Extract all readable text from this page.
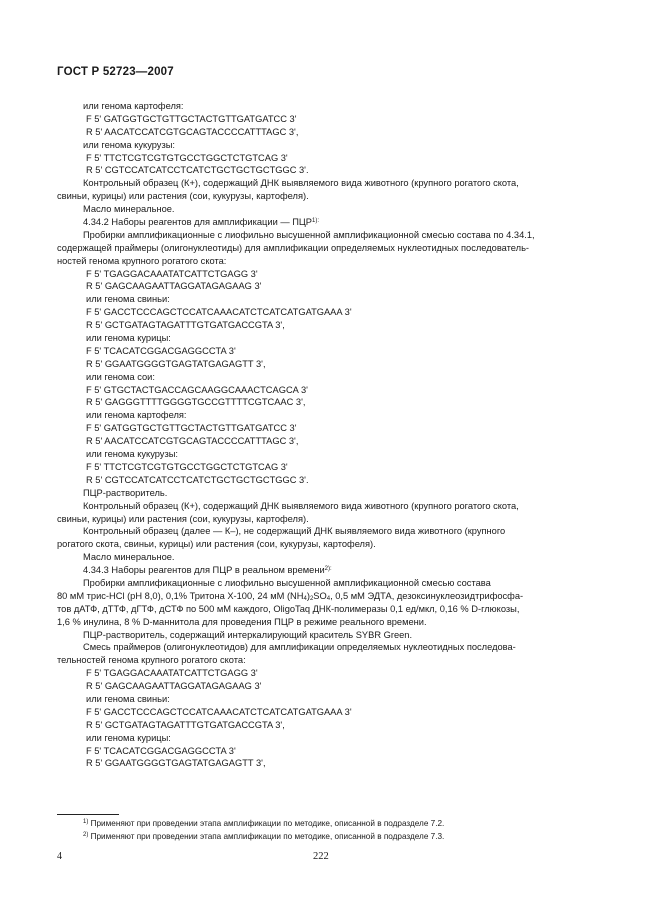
ГОСТ Р 52723—2007
или генома картофеля:
F 5ʹ GATGGTGCTGTTGCTACTGTTGATGATCC 3ʹ
R 5ʹ AACATCCATCGTGCAGTACCCCATTTAGC 3ʹ,
или генома кукурузы:
F 5ʹ TTCTCGTCGTGTGCCTGGCTCTGTCAG 3ʹ
R 5ʹ CGTCCATCATCCTCATCTGCTGCTGCTGGC 3ʹ.
Контрольный образец (К+), содержащий ДНК выявляемого вида животного (крупного рогатого скота,
свиньи, курицы) или растения (сои, кукурузы, картофеля).
Масло минеральное.
4.34.2 Наборы реагентов для амплификации — $ПЦР^{1):}$
Пробирки амплификационные с лиофильно высушенной амплификационной смесью состава по 4.34.1,
содержащей праймеры (олигонуклеотиды) для амплификации определяемых нуклеотидных последователь-
ностей генома крупного рогатого скота:
F 5ʹ TGAGGACAAATATCATTCTGAGG 3ʹ
R 5ʹ GAGCAAGAATTAGGATAGAGAAG 3ʹ
или генома свиньи:
F 5ʹ GACCTCCCAGCTCCATCAAACATCTCATCATGATGAAA 3ʹ
R 5ʹ GCTGATAGTAGATTTGTGATGACCGTA 3ʹ,
или генома курицы:
F 5ʹ TCACATCGGACGAGGCCTA 3ʹ
R 5ʹ GGAATGGGGTGAGTATGAGAGTT 3ʹ,
или генома сои:
F 5ʹ GTGCTACTGACCAGCAAGGCAAACTCAGCA 3ʹ
R 5ʹ GAGGGTTTTGGGGTGCCGTTTTCGTCAAC 3ʹ,
или генома картофеля:
F 5ʹ GATGGTGCTGTTGCTACTGTTGATGATCC 3ʹ
R 5ʹ AACATCCATCGTGCAGTACCCCATTTAGC 3ʹ,
или генома кукурузы:
F 5ʹ TTCTCGTCGTGTGCCTGGCTCTGTCAG 3ʹ
R 5ʹ CGTCCATCATCCTCATCTGCTGCTGCTGGC 3ʹ.
ПЦР-растворитель.
Контрольный образец (К+), содержащий ДНК выявляемого вида животного (крупного рогатого скота,
свиньи, курицы) или растения (сои, кукурузы, картофеля).
Контрольный образец (далее — К–), не содержащий ДНК выявляемого вида животного (крупного
рогатого скота, свиньи, курицы) или растения (сои, кукурузы, картофеля).
Масло минеральное.
4.34.3 Наборы реагентов для ПЦР в реальном времени$^{2):}$
Пробирки амплификационные с лиофильно высушенной амплификационной смесью состава
80 мМ трис-HCl (рН 8,0), 0,1% Тритона Х-100, 24 мМ $(NH_4)_2SO_4$, 0,5 мМ ЭДТА, дезоксинуклеозидтрифосфа-
тов дАТФ, дТТФ, дГТФ, дСТФ по 500 мМ каждого, OligoTaq ДНК-полимеразы 0,1 ед/мкл, 0,16 % D-глюкозы,
1,6 % инулина, 8 % D-маннитола для проведения ПЦР в режиме реального времени.
ПЦР-растворитель, содержащий интеркалирующий краситель SYBR Green.
Смесь праймеров (олигонуклеотидов) для амплификации определяемых нуклеотидных последова-
тельностей генома крупного рогатого скота:
F 5ʹ TGAGGACAAATATCATTCTGAGG 3ʹ
R 5ʹ GAGCAAGAATTAGGATAGAGAAG 3ʹ
или генома свиньи:
F 5ʹ GACCTCCCAGCTCCATCAAACATCTCATCATGATGAAA 3ʹ
R 5ʹ GCTGATAGTAGATTTGTGATGACCGTA 3ʹ,
или генома курицы:
F 5ʹ TCACATCGGACGAGGCCTA 3ʹ
R 5ʹ GGAATGGGGTGAGTATGAGAGTT 3ʹ,
$^{1)}$ Применяют при проведении этапа амплификации по методике, описанной в подразделе 7.2.
$^{2)}$ Применяют при проведении этапа амплификации по методике, описанной в подразделе 7.3.
4	222
